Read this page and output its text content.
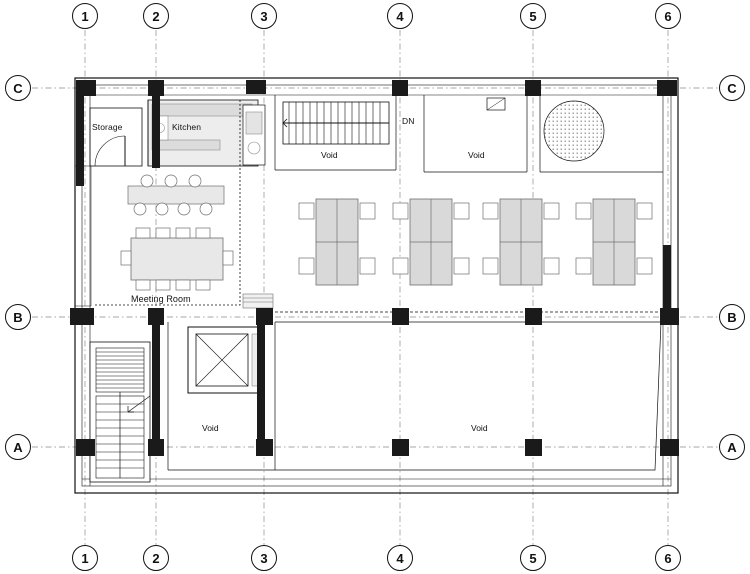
1	2	3	4	5	6
1	2	3	4	5	6
C
B
A
C
B
A
Storage	Kitchen
Meeting Room
DN
Void	Void
Void	Void
